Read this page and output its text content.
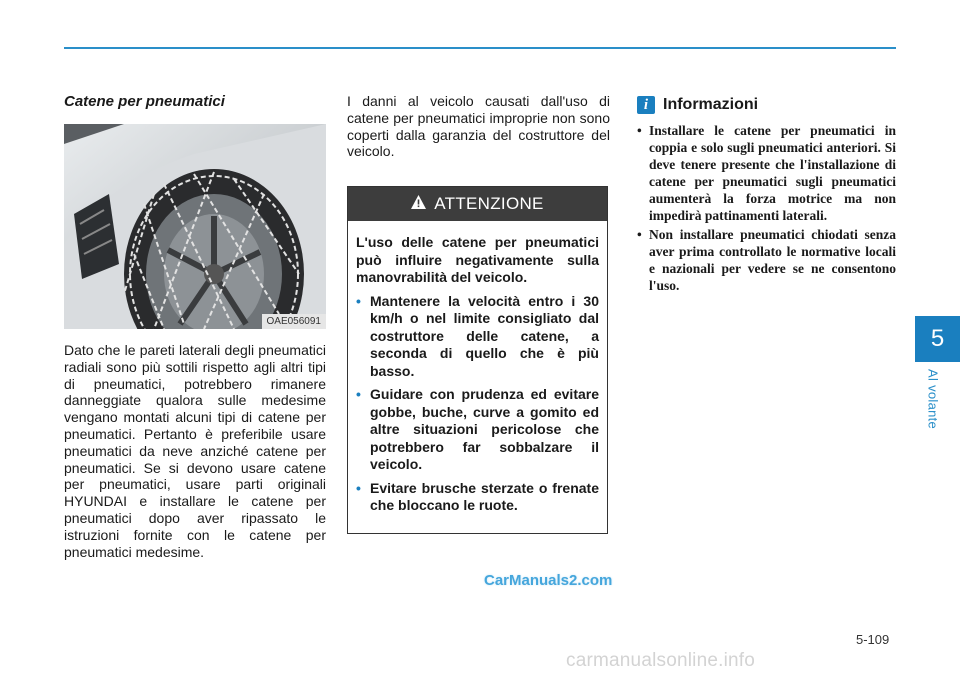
5
Al volante
Catene per pneumatici
OAE056091

Dato che le pareti laterali degli pneumatici radiali sono più sottili rispetto agli altri tipi di pneumatici, potrebbero rimanere danneggiate qualora sulle medesime vengano montati alcuni tipi di catene per pneumatici. Pertanto è preferibile usare pneumatici da neve anziché catene per pneumatici. Se si devono usare catene per pneumatici, usare parti originali HYUNDAI e installare le catene per pneumatici dopo aver ripassato le istruzioni fornite con le catene per pneumatici medesime.

I danni al veicolo causati dall'uso di catene per pneumatici improprie non sono coperti dalla garanzia del costruttore del veicolo.

ATTENZIONE

L'uso delle catene per pneumatici può influire negativamente sulla manovrabilità del veicolo.

• Mantenere la velocità entro i 30 km/h o nel limite consigliato dal costruttore delle catene, a seconda di quello che è più basso.
• Guidare con prudenza ed evitare gobbe, buche, curve a gomito ed altre situazioni pericolose che potrebbero far sobbalzare il veicolo.
• Evitare brusche sterzate o frenate che bloccano le ruote.
i Informazioni
• Installare le catene per pneumatici in coppia e solo sugli pneumatici anteriori. Si deve tenere presente che l'installazione di catene per pneumatici sugli pneumatici aumenterà la forza motrice ma non impedirà pattinamenti laterali.
• Non installare pneumatici chiodati senza aver prima controllato le normative locali e nazionali per vedere se ne consentono l'uso.
CarManuals2.com
5-109
carmanualsonline.info
